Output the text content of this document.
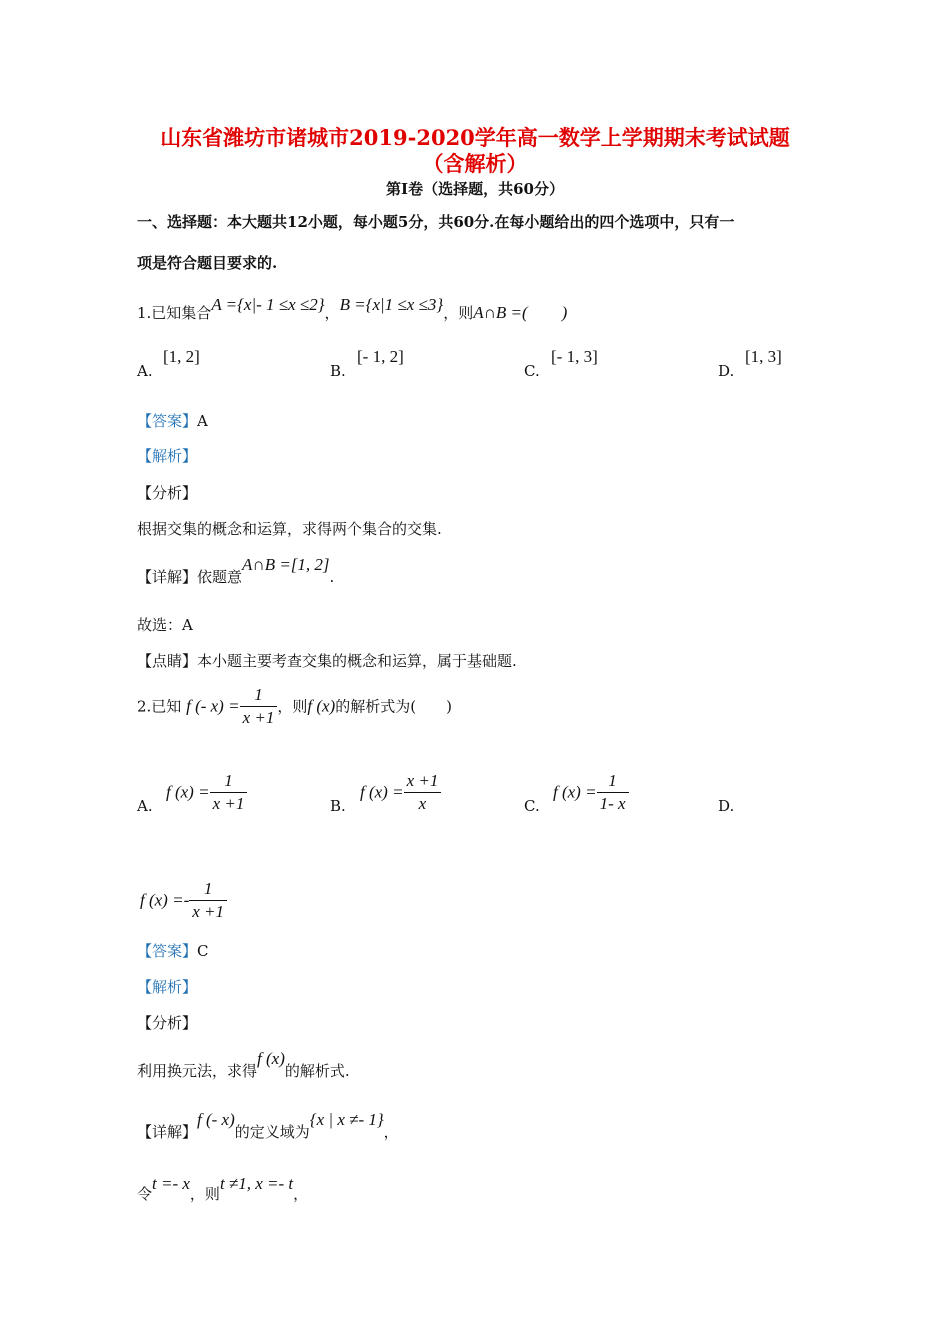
山东省潍坊市诸城市2019-2020学年高一数学上学期期末考试试题
（含解析）
第I卷（选择题，共60分）
一、选择题：本大题共12小题，每小题5分，共60分.在每小题给出的四个选项中，只有一
项是符合题目要求的.
1.已知集合A ={x|- 1 ≤x ≤2}，B ={x|1 ≤x ≤3}，则A∩B =(　　)
A.
[1, 2]
B.
[- 1, 2]
C.
[- 1, 3]
D.
[1, 3]
【答案】A
【解析】
【分析】
根据交集的概念和运算，求得两个集合的交集.
【详解】依题意A∩B =[1, 2].
故选：A
【点睛】本小题主要考查交集的概念和运算，属于基础题.
2.已知 f (- $x) = \frac{1}{x +1}$ ，则f (x)的解析式为(　　)
A.
f $(x) = \frac{1}{x +1}$	B.
f $(x) = \frac{x +1}{x}$	C.
f $(x) = \frac{1}{1- x}$	D.
f $(x) =- \frac{1}{x +1}$
【答案】C
【解析】
【分析】
利用换元法，求得f (x)的解析式.
【详解】f (- x)的定义域为{x | x ≠- 1}，
令t =- x，则t ≠1, x =- t，
